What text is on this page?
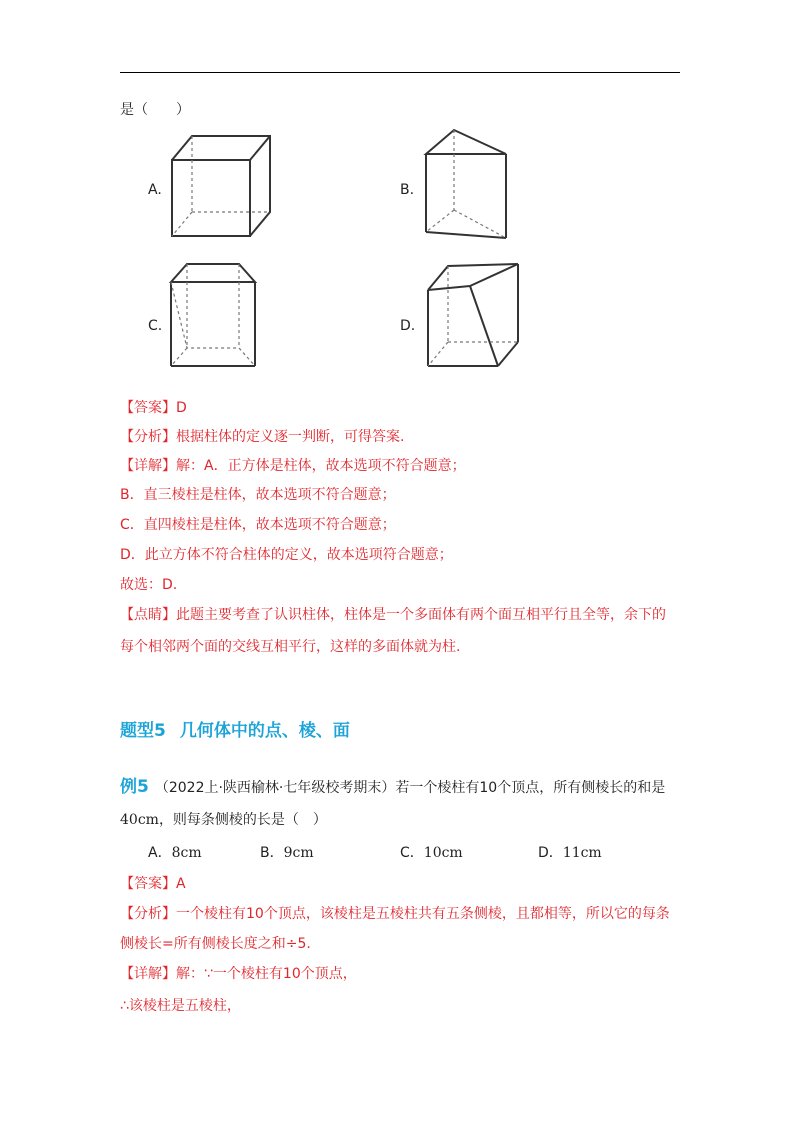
是（　　）
A.	B.
C.	D.
【答案】D
【分析】根据柱体的定义逐一判断，可得答案.
【详解】解：A．正方体是柱体，故本选项不符合题意；
B．直三棱柱是柱体，故本选项不符合题意；
C．直四棱柱是柱体，故本选项不符合题意；
D．此立方体不符合柱体的定义，故本选项符合题意；
故选：D.
【点睛】此题主要考查了认识柱体，柱体是一个多面体有两个面互相平行且全等，余下的
每个相邻两个面的交线互相平行，这样的多面体就为柱.
题型5 几何体中的点、棱、面
例5 （2022上·陕西榆林·七年级校考期末）若一个棱柱有10个顶点，所有侧棱长的和是
40cm，则每条侧棱的长是（　）
A．8cm	B．9cm	C．10cm	D．11cm
【答案】A
【分析】一个棱柱有10个顶点，该棱柱是五棱柱共有五条侧棱，且都相等，所以它的每条
侧棱长=所有侧棱长度之和÷5.
【详解】解：∵一个棱柱有10个顶点，
∴该棱柱是五棱柱，
